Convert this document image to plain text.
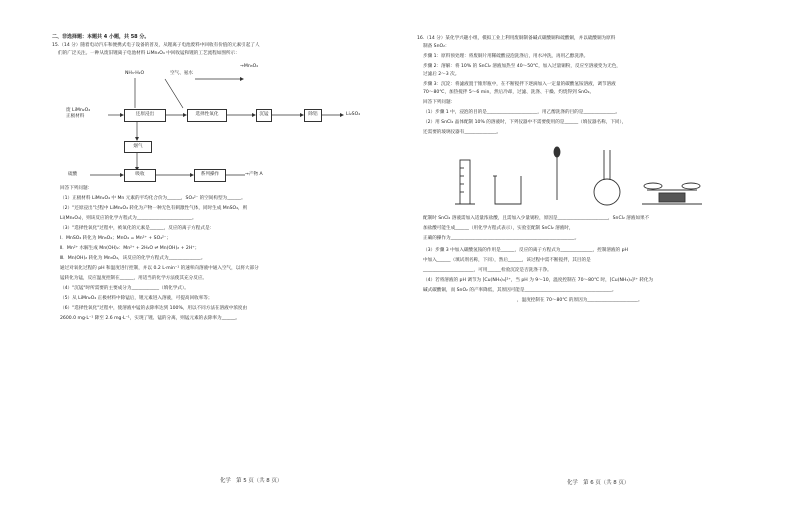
二、非选择题：本题共 4 小题，共 58 分。
15.（14 分）随着电动汽车和便携式电子设备的普及，从锂离子电池废料中回收有价值的元素引起了人
们的广泛关注。一种从废旧锂离子电池材料 LiMn₂O₄ 中回收锰和锂的工艺流程如图所示：
NH₃·H₂O	空气、氨水
→Mn₃O₄
废 LiMn₂O₄
正极材料	还原浸出	选择性氧化	沉锰	除铝	Li₂SO₄
烟气
吸收	系列操作
硫酸	→产物 A
回答下列问题：
（1）正极材料 LiMn₂O₄ 中 Mn 元素的平均化合价为______，SO₄²⁻ 的空间构型为______。
（2）"还原浸出"过程中 LiMn₂O₄ 转化为产物一种无色有刺激性气体，同时生成 MnSO₄，则
Li(Mn₂O₄)，则该反应的化学方程式为________________________。
（3）"选择性氧化"过程中，被氧化的元素是______，反应的离子方程式是：
Ⅰ．MnSO₄ 转化为 Mn₃O₄；MnO₄ = Mn²⁺ + SO₄²⁻；
Ⅱ．Mn²⁺ 水解生成 Mn(OH)₂：Mn²⁺ + 2H₂O ⇌ Mn(OH)₂ + 2H⁺；
Ⅲ．Mn(OH)₂ 转化为 Mn₃O₄，该反应的化学方程式为______________。
通过对氧化过程的 pH 和温度进行控制，并以 0.2 L·min⁻¹ 的速率向溶液中通入空气，以将大部分
锰转化为锰，反应温度控制在______，用适当的化学方法使其充分反应。
（4）"沉锰"时所需要的主要成分为____________（填化学式）。
（5）从 LiMn₂O₄ 正极材料中除锰后，锂元素进入溶液，可提高回收率等；
（6）"选择性氧化"过程中，使溶液中锰的去除率达到 100%，用以不同方法在溶液中浓度由
2600.0 mg·L⁻¹ 降至 2.6 mg·L⁻¹，实现了锂、锰的分离，则锰元素的去除率为______。
化学　第 5 页（共 8 页）
16.（14 分）某化学兴趣小组，模拟工业上利用废铜制备碱式碳酸铜和硫酸铜，并以硫酸铜为原料
制备 SnO₂：
步骤 1：原料预处理：将废铜片用稀硫酸浸泡洗涤后，用水冲洗，再用乙醇洗涤。
步骤 2：溶解：将 10% 的 SnCl₂ 溶液加热至 40～50℃，加入过量铜粉，反应至溶液变为无色，
过滤后 2～3 次。
步骤 3：沉淀：将滤液置于锥形瓶中，在不断搅拌下逐滴加入一定量的碳酸氢铵溶液，调节溶液
70～80℃，加热搅拌 5～6 min，然后冷却，过滤、洗涤、干燥、灼烧得到 SnO₂。
回答下列问题：
（1）步骤 1 中，浸泡的目的是______________________，用乙醇洗涤的目的是______________。
（2）用 SnCl₂ 晶体配制 10% 的溶液时，下列仪器中不需要使用的是______（填仪器名称，下同），
还需要的玻璃仪器有______________。
配制时 SnCl₂ 溶液需加入适量浓盐酸，且需加入少量锡粒，原因是______________________，SnCl₂ 溶液如果不
加盐酸可能生成______（用化学方程式表示），实验室配制 SnCl₂ 溶液时，
正确的操作为______________________________________________________。
（3）步骤 3 中加入碳酸氢铵的作用是______，反应的离子方程式为______________，控制溶液的 pH
中加入______（填试剂名称，下同），然后______，该过程中需不断搅拌，其目的是
______________________，可用______检验沉淀是否洗涤干净。
（4）若将溶液的 pH 调节为 [Cu(NH₃)₄]²⁺，当 pH 为 9～10，温度控制在 70～80℃ 时，[Cu(NH₃)₄]²⁺ 转化为
碱式碳酸铜，而 SnO₂ 的产率降低，其原因可能是______________________________________。
，温度控制在 70～80℃ 的原因为______________________。
化学　第 6 页（共 8 页）
